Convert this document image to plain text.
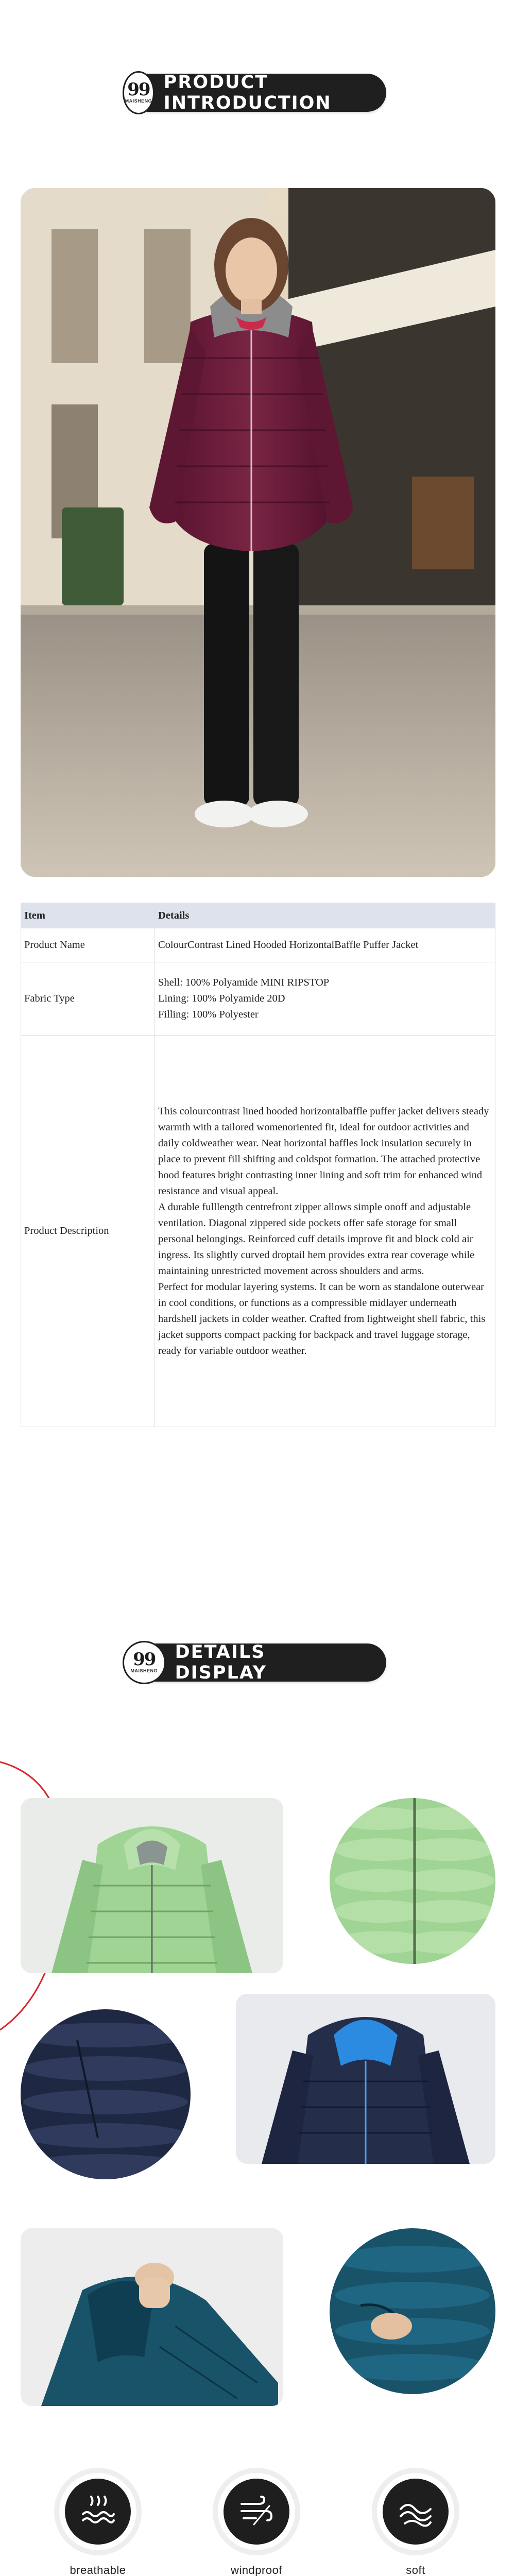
99
MAISHENG
PRODUCT INTRODUCTION
Item	Details
Product Name	ColourContrast Lined Hooded HorizontalBaffle Puffer Jacket
Fabric Type	Shell: 100% Polyamide MINI RIPSTOP
Lining: 100% Polyamide 20D
Filling: 100% Polyester

Product Description	This colourcontrast lined hooded horizontalbaffle puffer jacket delivers steady warmth with a tailored womenoriented fit, ideal for outdoor activities and daily coldweather wear. Neat horizontal baffles lock insulation securely in place to prevent fill shifting and coldspot formation. The attached protective hood features bright contrasting inner lining and soft trim for enhanced wind resistance and visual appeal.

A durable fulllength centrefront zipper allows simple onoff and adjustable ventilation. Diagonal zippered side pockets offer safe storage for small personal belongings. Reinforced cuff details improve fit and block cold air ingress. Its slightly curved droptail hem provides extra rear coverage while maintaining unrestricted movement across shoulders and arms.

Perfect for modular layering systems. It can be worn as standalone outerwear in cool conditions, or functions as a compressible midlayer underneath hardshell jackets in colder weather. Crafted from lightweight shell fabric, this jacket supports compact packing for backpack and travel luggage storage, ready for variable outdoor weather.

99
MAISHENG
DETAILS DISPLAY
breathable	windproof	soft
